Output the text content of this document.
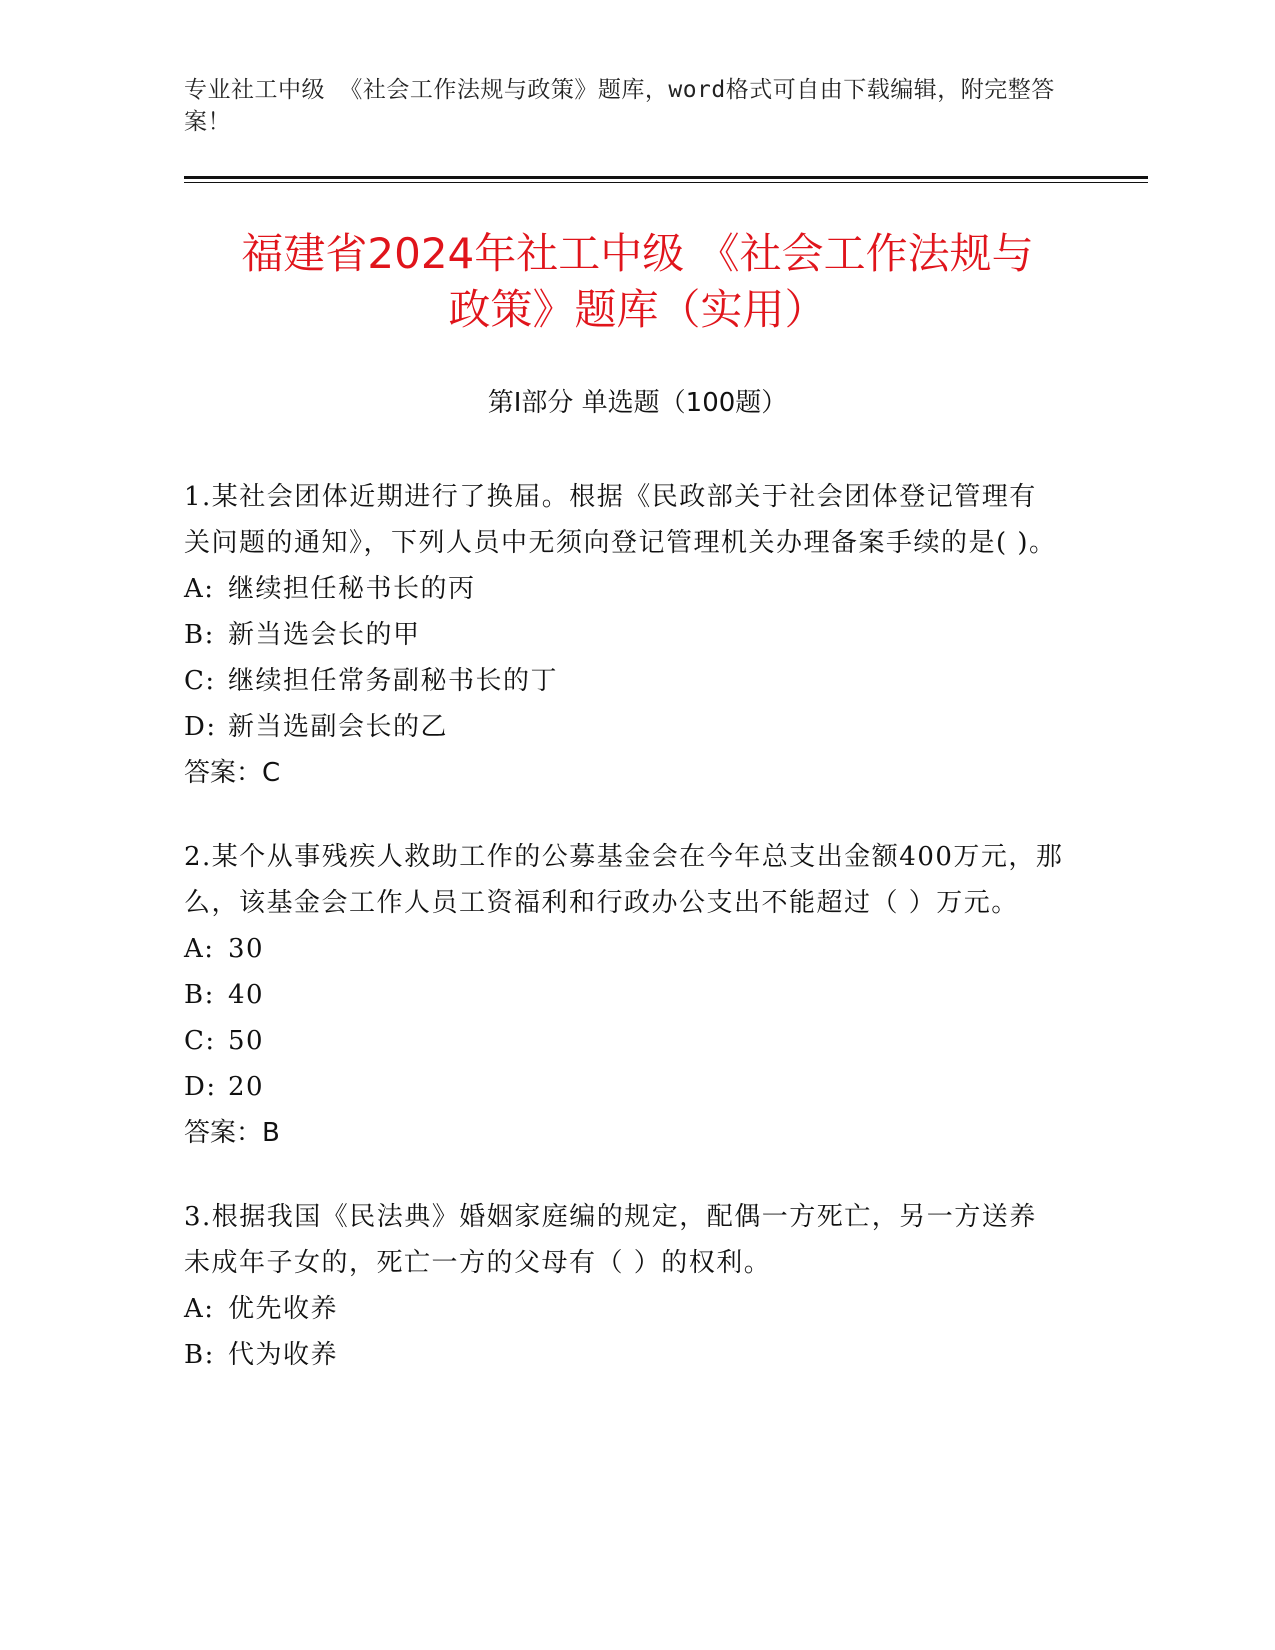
专业社工中级 《社会工作法规与政策》题库，word格式可自由下载编辑，附完整答案！
福建省2024年社工中级 《社会工作法规与
政策》题库（实用）
第Ⅰ部分 单选题（100题）
1.某社会团体近期进行了换届。根据《民政部关于社会团体登记管理有关问题的通知》，下列人员中无须向登记管理机关办理备案手续的是( )。
A: 继续担任秘书长的丙
B: 新当选会长的甲
C: 继续担任常务副秘书长的丁
D: 新当选副会长的乙
答案：C
2.某个从事残疾人救助工作的公募基金会在今年总支出金额400万元，那么，该基金会工作人员工资福利和行政办公支出不能超过（ ）万元。
A: 30
B: 40
C: 50
D: 20
答案：B
3.根据我国《民法典》婚姻家庭编的规定，配偶一方死亡，另一方送养未成年子女的，死亡一方的父母有（ ）的权利。
A: 优先收养
B: 代为收养
